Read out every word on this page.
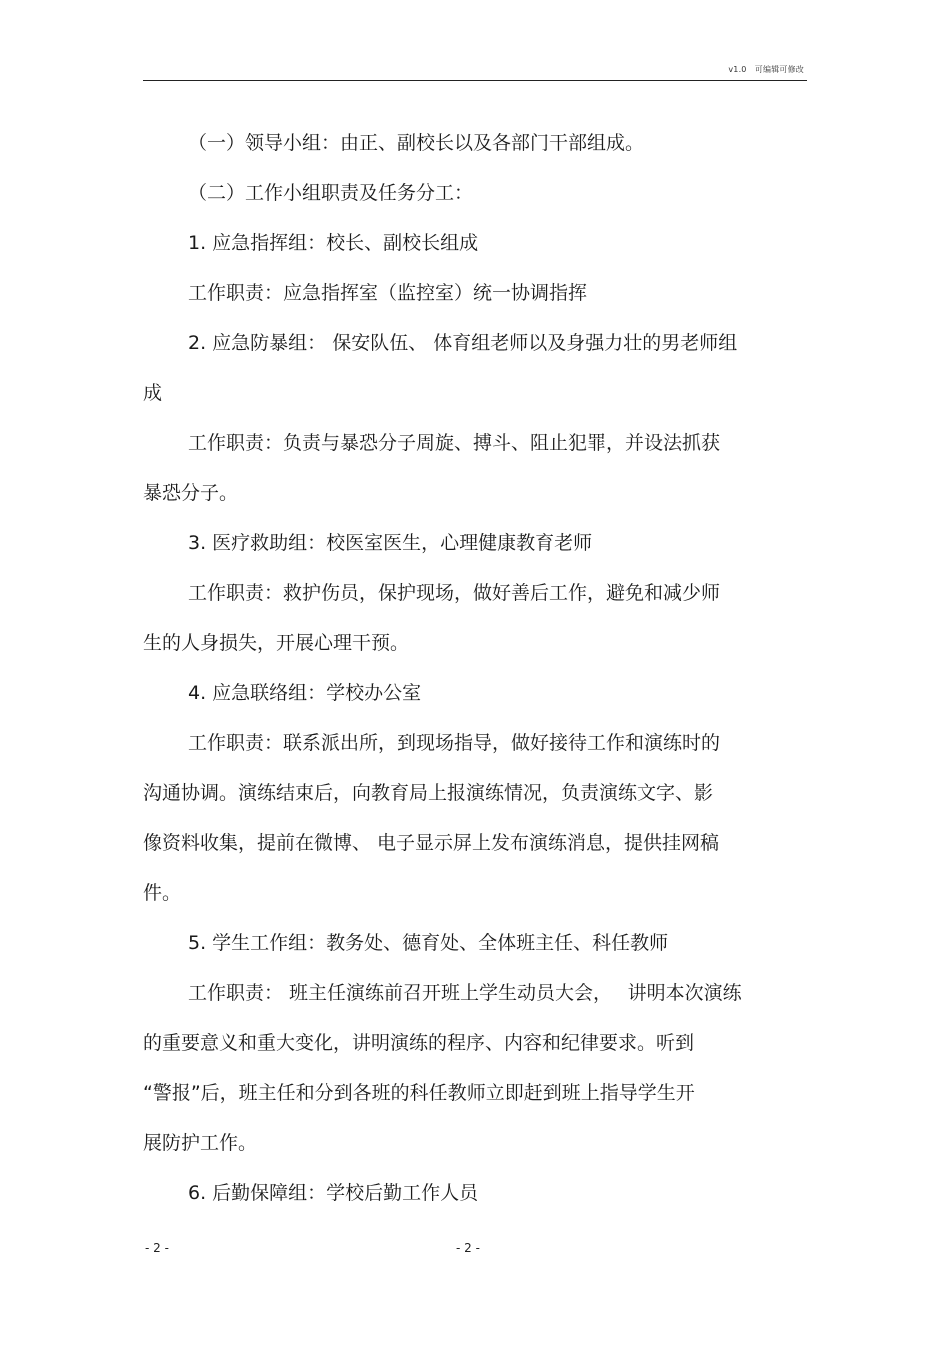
v1.0　可编辑可修改
（一）领导小组：由正、副校长以及各部门干部组成。
（二）工作小组职责及任务分工：
1. 应急指挥组：校长、副校长组成
工作职责：应急指挥室（监控室）统一协调指挥
2. 应急防暴组： 保安队伍、 体育组老师以及身强力壮的男老师组
成
工作职责：负责与暴恐分子周旋、搏斗、阻止犯罪，并设法抓获
暴恐分子。
3. 医疗救助组：校医室医生，心理健康教育老师
工作职责：救护伤员，保护现场，做好善后工作，避免和减少师
生的人身损失，开展心理干预。
4. 应急联络组：学校办公室
工作职责：联系派出所，到现场指导，做好接待工作和演练时的
沟通协调。演练结束后，向教育局上报演练情况，负责演练文字、影
像资料收集，提前在微博、 电子显示屏上发布演练消息，提供挂网稿
件。
5. 学生工作组：教务处、德育处、全体班主任、科任教师
工作职责： 班主任演练前召开班上学生动员大会，　 讲明本次演练
的重要意义和重大变化，讲明演练的程序、内容和纪律要求。听到
“警报”后，班主任和分到各班的科任教师立即赶到班上指导学生开
展防护工作。
6. 后勤保障组：学校后勤工作人员
- 2 -	- 2 -
